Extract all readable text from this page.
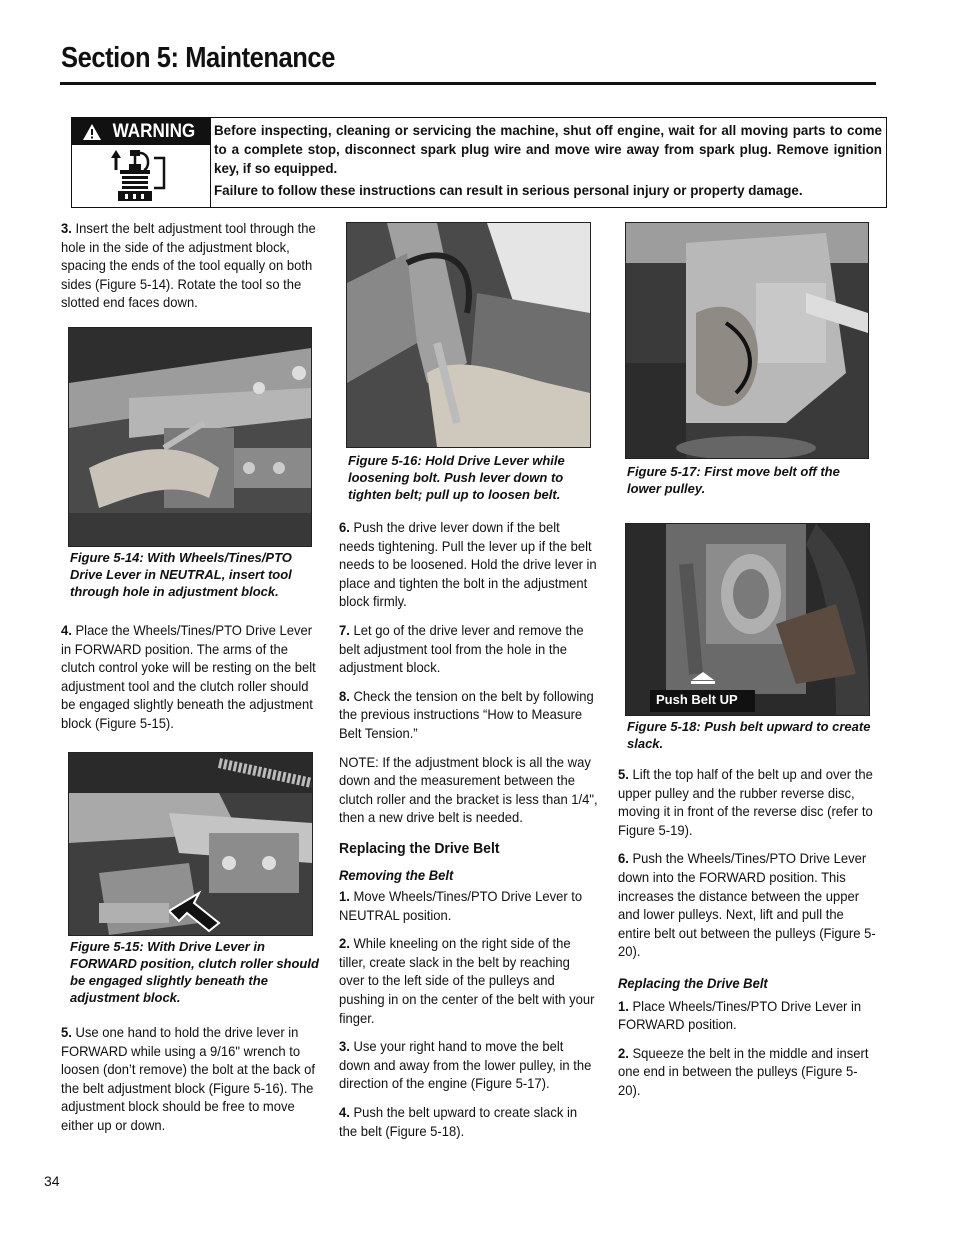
Section 5: Maintenance
WARNING Before inspecting, cleaning or servicing the machine, shut off engine, wait for all moving parts to come to a complete stop, disconnect spark plug wire and move wire away from spark plug. Remove ignition key, if so equipped.

Failure to follow these instructions can result in serious personal injury or property damage.

3. Insert the belt adjustment tool through the hole in the side of the adjustment block, spacing the ends of the tool equally on both sides (Figure 5-14). Rotate the tool so the slotted end faces down.

Figure 5-14: With Wheels/Tines/PTO Drive Lever in NEUTRAL, insert tool through hole in adjustment block.

4. Place the Wheels/Tines/PTO Drive Lever in FORWARD position. The arms of the clutch control yoke will be resting on the belt adjustment tool and the clutch roller should be engaged slightly beneath the adjustment block (Figure 5-15).

Figure 5-15: With Drive Lever in FORWARD position, clutch roller should be engaged slightly beneath the adjustment block.

5. Use one hand to hold the drive lever in FORWARD while using a 9/16" wrench to loosen (don’t remove) the bolt at the back of the belt adjustment block (Figure 5-16). The adjustment block should be free to move either up or down.

Figure 5-16: Hold Drive Lever while loosening bolt. Push lever down to tighten belt; pull up to loosen belt.

6. Push the drive lever down if the belt needs tightening. Pull the lever up if the belt needs to be loosened. Hold the drive lever in place and tighten the bolt in the adjustment block firmly.

7. Let go of the drive lever and remove the belt adjustment tool from the hole in the adjustment block.

8. Check the tension on the belt by following the previous instructions “How to Measure Belt Tension.”

NOTE: If the adjustment block is all the way down and the measurement between the clutch roller and the bracket is less than 1/4", then a new drive belt is needed.

Replacing the Drive Belt

Removing the Belt

1. Move Wheels/Tines/PTO Drive Lever to NEUTRAL position.

2. While kneeling on the right side of the tiller, create slack in the belt by reaching over to the left side of the pulleys and pushing in on the center of the belt with your finger.

3. Use your right hand to move the belt down and away from the lower pulley, in the direction of the engine (Figure 5-17).

4. Push the belt upward to create slack in the belt (Figure 5-18).

Figure 5-17: First move belt off the lower pulley.

Push Belt UP

Figure 5-18: Push belt upward to create slack.

5. Lift the top half of the belt up and over the upper pulley and the rubber reverse disc, moving it in front of the reverse disc (refer to Figure 5-19).

6. Push the Wheels/Tines/PTO Drive Lever down into the FORWARD position. This increases the distance between the upper and lower pulleys. Next, lift and pull the entire belt out between the pulleys (Figure 5-20).

Replacing the Drive Belt

1. Place Wheels/Tines/PTO Drive Lever in FORWARD position.

2. Squeeze the belt in the middle and insert one end in between the pulleys (Figure 5-20).

34
